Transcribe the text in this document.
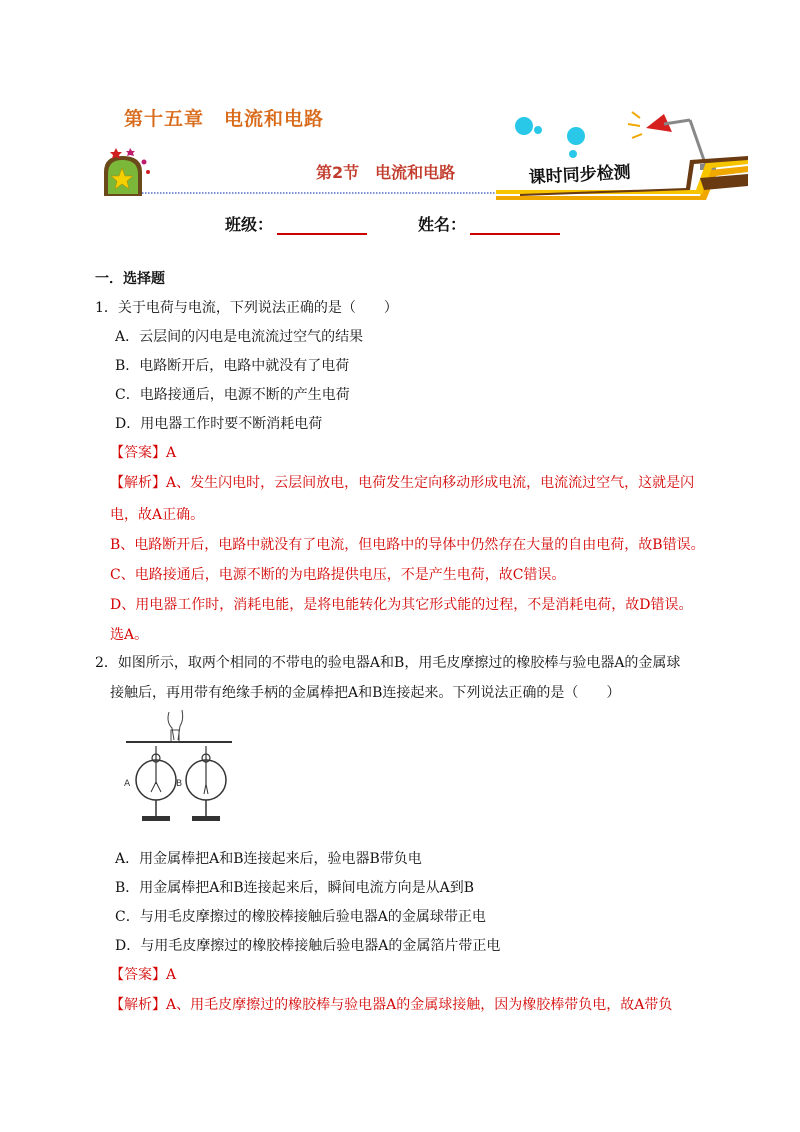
第十五章　电流和电路
第2节　电流和电路	课时同步检测
班级：	姓名：
一．选择题
1．关于电荷与电流，下列说法正确的是（　　）
A．云层间的闪电是电流流过空气的结果
B．电路断开后，电路中就没有了电荷
C．电路接通后，电源不断的产生电荷
D．用电器工作时要不断消耗电荷
【答案】A
【解析】A、发生闪电时，云层间放电，电荷发生定向移动形成电流，电流流过空气，这就是闪
电，故A正确。
B、电路断开后，电路中就没有了电流，但电路中的导体中仍然存在大量的自由电荷，故B错误。
C、电路接通后，电源不断的为电路提供电压，不是产生电荷，故C错误。
D、用电器工作时，消耗电能，是将电能转化为其它形式能的过程，不是消耗电荷，故D错误。
选A。
2．如图所示，取两个相同的不带电的验电器A和B，用毛皮摩擦过的橡胶棒与验电器A的金属球
接触后，再用带有绝缘手柄的金属棒把A和B连接起来。下列说法正确的是（　　）
A	B
A．用金属棒把A和B连接起来后，验电器B带负电
B．用金属棒把A和B连接起来后，瞬间电流方向是从A到B
C．与用毛皮摩擦过的橡胶棒接触后验电器A的金属球带正电
D．与用毛皮摩擦过的橡胶棒接触后验电器A的金属箔片带正电
【答案】A
【解析】A、用毛皮摩擦过的橡胶棒与验电器A的金属球接触，因为橡胶棒带负电，故A带负
